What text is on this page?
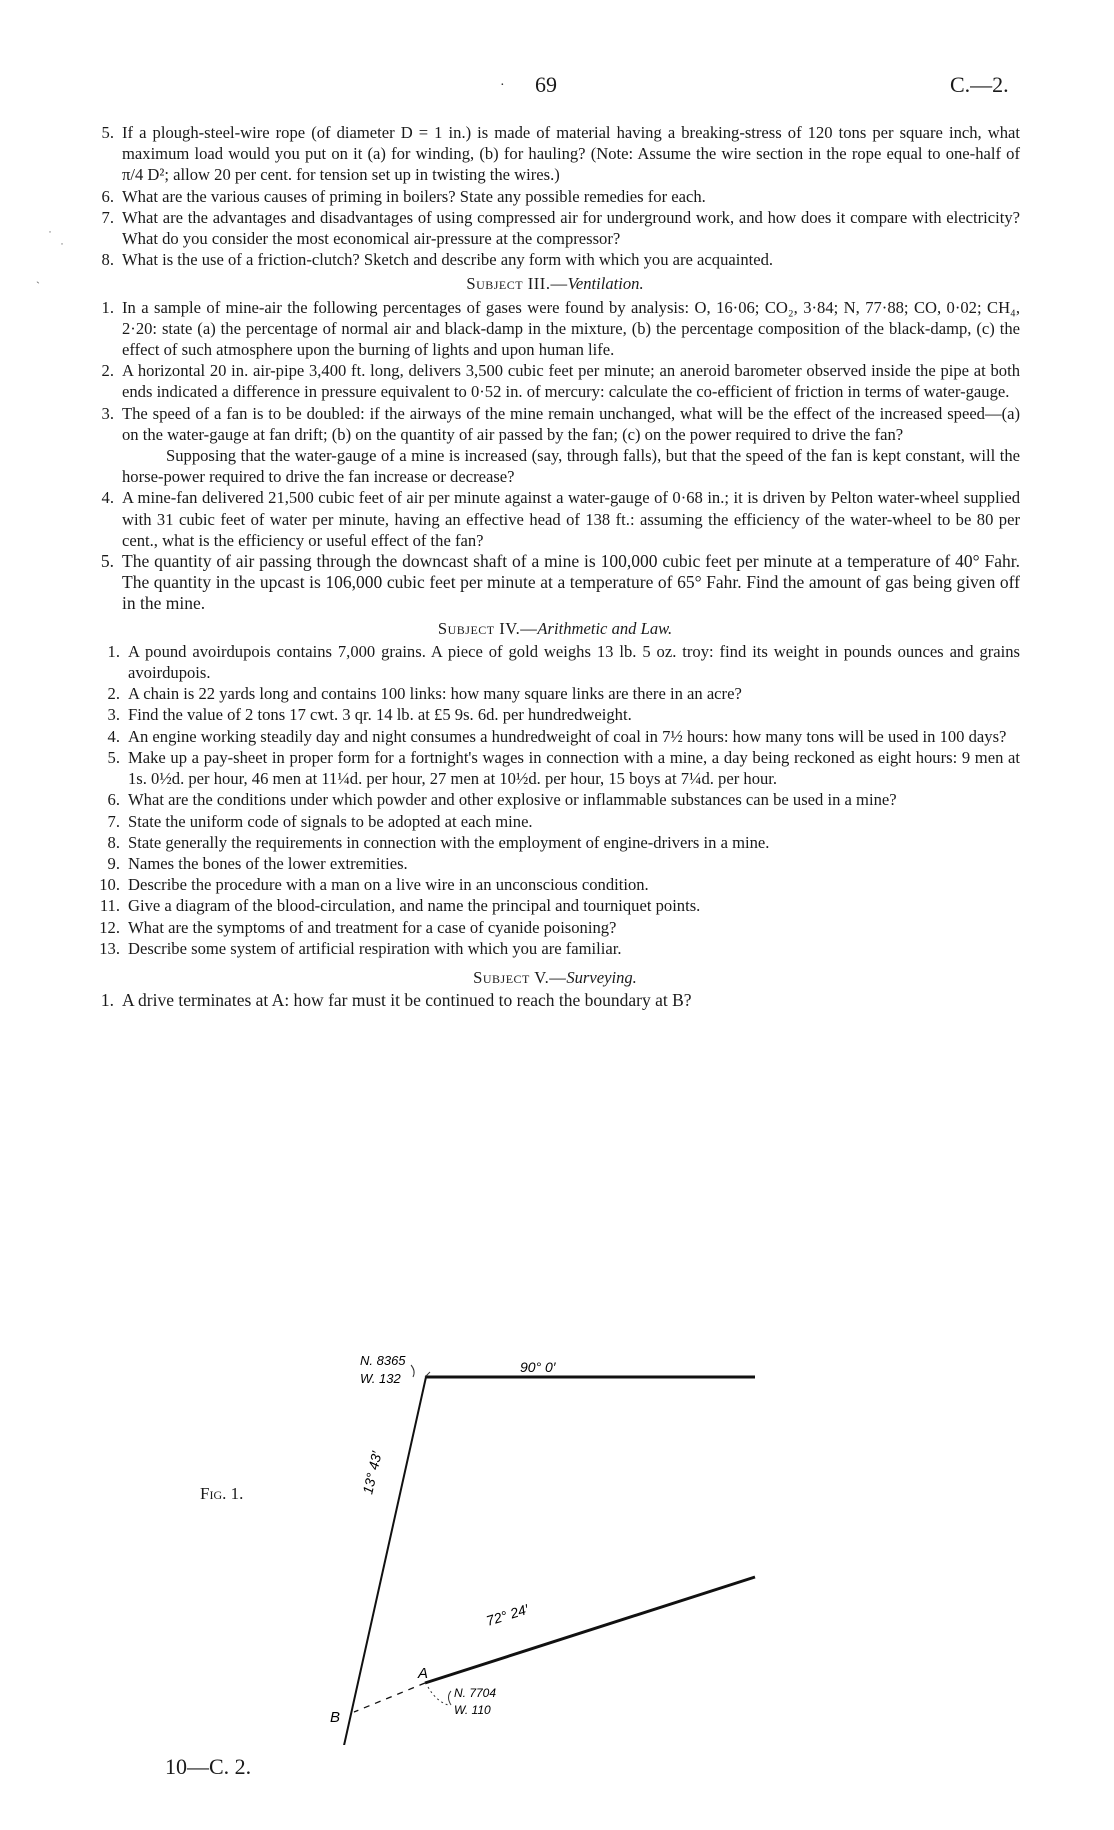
· 69	C.—2.
˙
˙
ˏ
5. If a plough-steel-wire rope (of diameter D = 1 in.) is made of material having a breaking-stress of 120 tons per square inch, what maximum load would you put on it (a) for winding, (b) for hauling? (Note: Assume the wire section in the rope equal to one-half of π/4 D²; allow 20 per cent. for tension set up in twisting the wires.)
6. What are the various causes of priming in boilers? State any possible remedies for each.
7. What are the advantages and disadvantages of using compressed air for underground work, and how does it compare with electricity? What do you consider the most economical air-pressure at the compressor?
8. What is the use of a friction-clutch? Sketch and describe any form with which you are acquainted.
Subject III.—Ventilation.
1. In a sample of mine-air the following percentages of gases were found by analysis: O, 16·06; CO₂, 3·84; N, 77·88; CO, 0·02; CH₄, 2·20: state (a) the percentage of normal air and black-damp in the mixture, (b) the percentage composition of the black-damp, (c) the effect of such atmosphere upon the burning of lights and upon human life.
2. A horizontal 20 in. air-pipe 3,400 ft. long, delivers 3,500 cubic feet per minute; an aneroid barometer observed inside the pipe at both ends indicated a difference in pressure equivalent to 0·52 in. of mercury: calculate the co-efficient of friction in terms of water-gauge.
3. The speed of a fan is to be doubled: if the airways of the mine remain unchanged, what will be the effect of the increased speed—(a) on the water-gauge at fan drift; (b) on the quantity of air passed by the fan; (c) on the power required to drive the fan?
Supposing that the water-gauge of a mine is increased (say, through falls), but that the speed of the fan is kept constant, will the horse-power required to drive the fan increase or decrease?
4. A mine-fan delivered 21,500 cubic feet of air per minute against a water-gauge of 0·68 in.; it is driven by Pelton water-wheel supplied with 31 cubic feet of water per minute, having an effective head of 138 ft.: assuming the efficiency of the water-wheel to be 80 per cent., what is the efficiency or useful effect of the fan?
5. The quantity of air passing through the downcast shaft of a mine is 100,000 cubic feet per minute at a temperature of 40° Fahr. The quantity in the upcast is 106,000 cubic feet per minute at a temperature of 65° Fahr. Find the amount of gas being given off in the mine.
Subject IV.—Arithmetic and Law.
1. A pound avoirdupois contains 7,000 grains. A piece of gold weighs 13 lb. 5 oz. troy: find its weight in pounds ounces and grains avoirdupois.
2. A chain is 22 yards long and contains 100 links: how many square links are there in an acre?
3. Find the value of 2 tons 17 cwt. 3 qr. 14 lb. at £5 9s. 6d. per hundredweight.
4. An engine working steadily day and night consumes a hundredweight of coal in 7½ hours: how many tons will be used in 100 days?
5. Make up a pay-sheet in proper form for a fortnight's wages in connection with a mine, a day being reckoned as eight hours: 9 men at 1s. 0½d. per hour, 46 men at 11¼d. per hour, 27 men at 10½d. per hour, 15 boys at 7¼d. per hour.
6. What are the conditions under which powder and other explosive or inflammable substances can be used in a mine?
7. State the uniform code of signals to be adopted at each mine.
8. State generally the requirements in connection with the employment of engine-drivers in a mine.
9. Names the bones of the lower extremities.
10. Describe the procedure with a man on a live wire in an unconscious condition.
11. Give a diagram of the blood-circulation, and name the principal and tourniquet points.
12. What are the symptoms of and treatment for a case of cyanide poisoning?
13. Describe some system of artificial respiration with which you are familiar.
Subject V.—Surveying.
1. A drive terminates at A: how far must it be continued to reach the boundary at B?
Fig. 1.
N. 8365
W. 132
90° 0′
13° 43′
72° 24′
A
B
N. 7704
W. 110
10—C. 2.
